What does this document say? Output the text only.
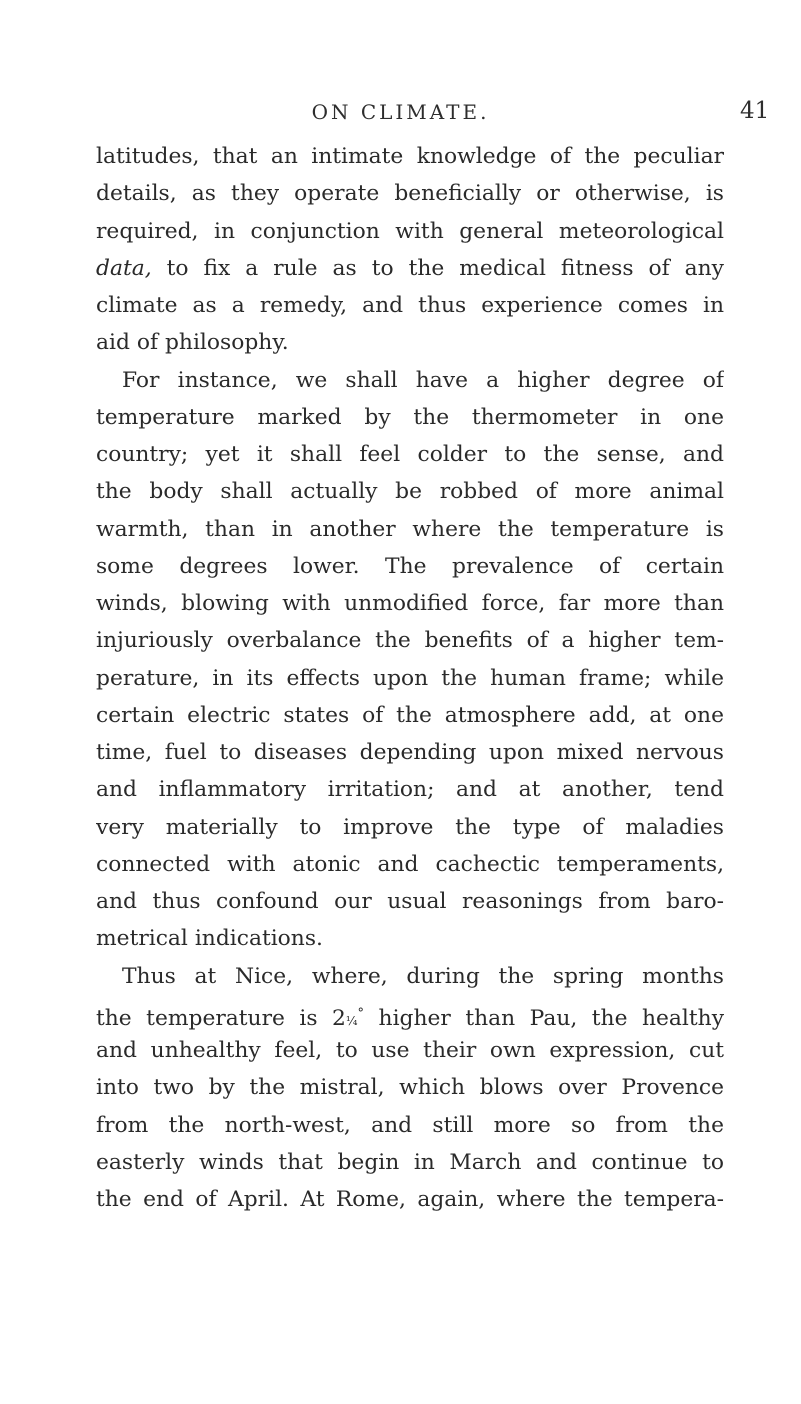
ON CLIMATE.	41
latitudes, that an intimate knowledge of the peculiar
details, as they operate beneficially or otherwise, is
required, in conjunction with general meteorological
data, to fix a rule as to the medical fitness of any
climate as a remedy, and thus experience comes in
aid of philosophy.
For instance, we shall have a higher degree of
temperature marked by the thermometer in one
country; yet it shall feel colder to the sense, and
the body shall actually be robbed of more animal
warmth, than in another where the temperature is
some degrees lower. The prevalence of certain
winds, blowing with unmodified force, far more than
injuriously overbalance the benefits of a higher tem-
perature, in its effects upon the human frame; while
certain electric states of the atmosphere add, at one
time, fuel to diseases depending upon mixed nervous
and inflammatory irritation; and at another, tend
very materially to improve the type of maladies
connected with atonic and cachectic temperaments,
and thus confound our usual reasonings from baro-
metrical indications.
Thus at Nice, where, during the spring months
the temperature is 2¼° higher than Pau, the healthy
and unhealthy feel, to use their own expression, cut
into two by the mistral, which blows over Provence
from the north-west, and still more so from the
easterly winds that begin in March and continue to
the end of April. At Rome, again, where the tempera-
